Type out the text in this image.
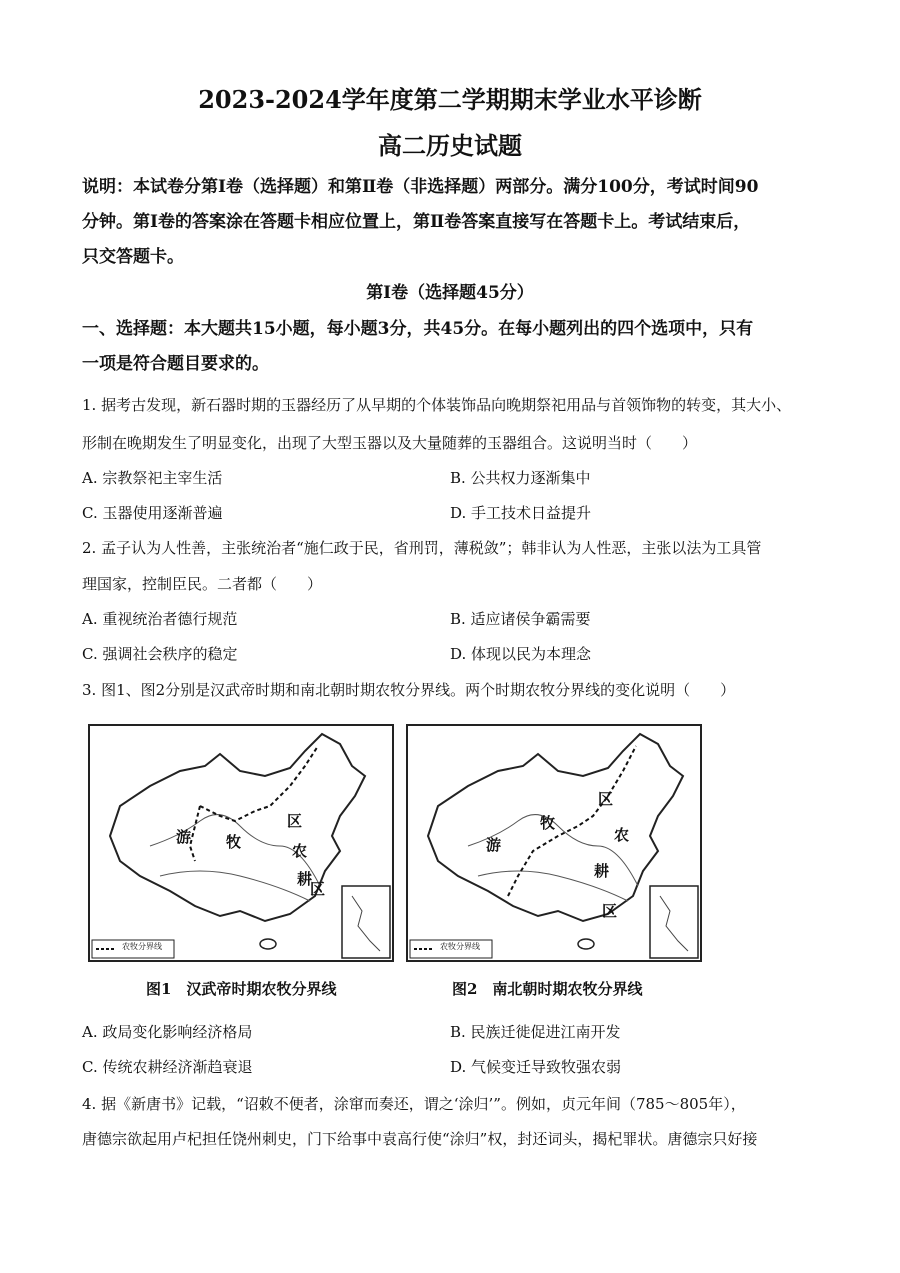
2023-2024学年度第二学期期末学业水平诊断
高二历史试题
说明：本试卷分第Ⅰ卷（选择题）和第Ⅱ卷（非选择题）两部分。满分100分，考试时间90
分钟。第Ⅰ卷的答案涂在答题卡相应位置上，第Ⅱ卷答案直接写在答题卡上。考试结束后，
只交答题卡。
第Ⅰ卷（选择题45分）
一、选择题：本大题共15小题，每小题3分，共45分。在每小题列出的四个选项中，只有
一项是符合题目要求的。
1. 据考古发现，新石器时期的玉器经历了从早期的个体装饰品向晚期祭祀用品与首领饰物的转变，其大小、
形制在晚期发生了明显变化，出现了大型玉器以及大量随葬的玉器组合。这说明当时（　　）
A. 宗教祭祀主宰生活	B. 公共权力逐渐集中
C. 玉器使用逐渐普遍	D. 手工技术日益提升
2. 孟子认为人性善，主张统治者“施仁政于民，省刑罚，薄税敛”；韩非认为人性恶，主张以法为工具管
理国家，控制臣民。二者都（　　）
A. 重视统治者德行规范	B. 适应诸侯争霸需要
C. 强调社会秩序的稳定	D. 体现以民为本理念
3. 图1、图2分别是汉武帝时期和南北朝时期农牧分界线。两个时期农牧分界线的变化说明（　　）
农牧分界线
游 牧
区
农
耕
区
图1　汉武帝时期农牧分界线
农牧分界线
游
牧
区
农
耕
区
图2　南北朝时期农牧分界线
A. 政局变化影响经济格局	B. 民族迁徙促进江南开发
C. 传统农耕经济渐趋衰退	D. 气候变迁导致牧强农弱
4. 据《新唐书》记载，“诏敕不便者，涂窜而奏还，谓之‘涂归’”。例如，贞元年间（785～805年），
唐德宗欲起用卢杞担任饶州刺史，门下给事中袁高行使“涂归”权，封还词头，揭杞罪状。唐德宗只好接
